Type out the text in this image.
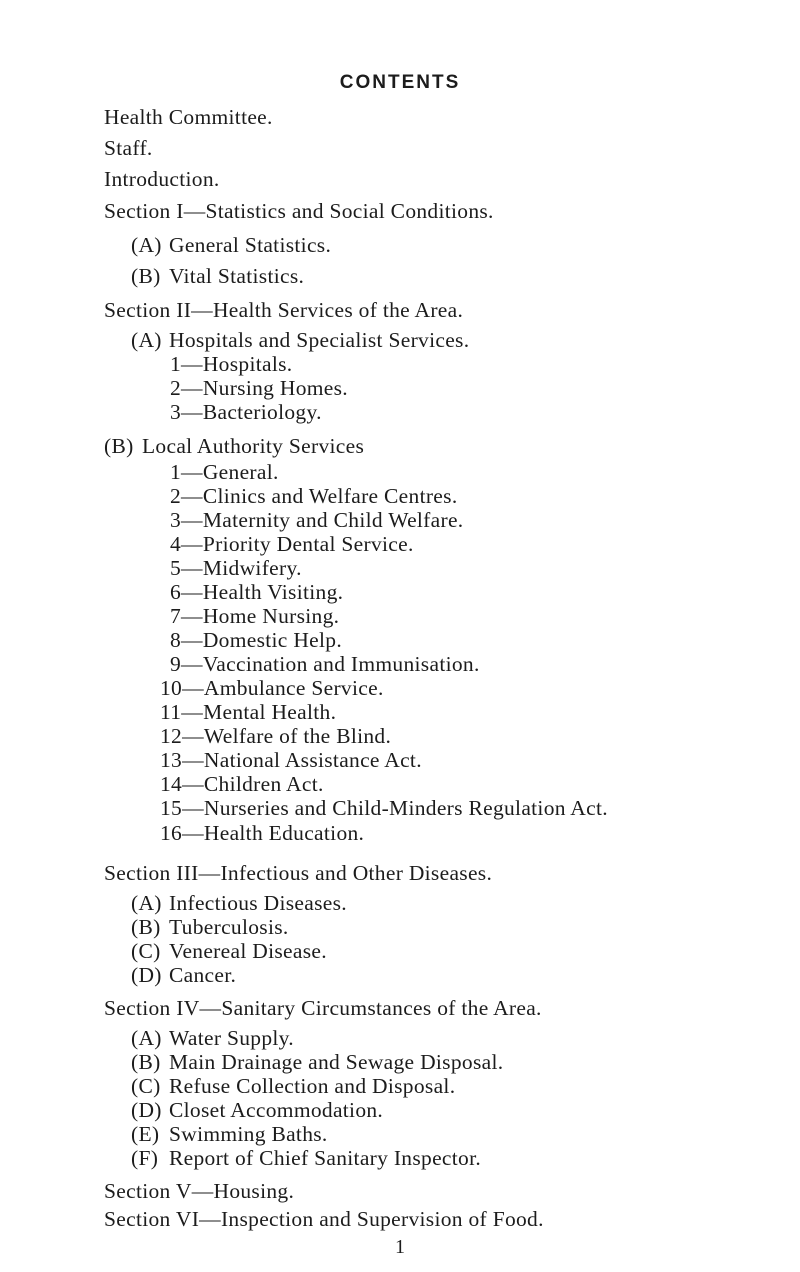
CONTENTS
Health Committee.
Staff.
Introduction.
Section I—Statistics and Social Conditions.
(A) General Statistics.
(B) Vital Statistics.
Section II—Health Services of the Area.
(A) Hospitals and Specialist Services.
1—Hospitals.
2—Nursing Homes.
3—Bacteriology.
(B) Local Authority Services
1—General.
2—Clinics and Welfare Centres.
3—Maternity and Child Welfare.
4—Priority Dental Service.
5—Midwifery.
6—Health Visiting.
7—Home Nursing.
8—Domestic Help.
9—Vaccination and Immunisation.
10—Ambulance Service.
11—Mental Health.
12—Welfare of the Blind.
13—National Assistance Act.
14—Children Act.
15—Nurseries and Child-Minders Regulation Act.
16—Health Education.
Section III—Infectious and Other Diseases.
(A) Infectious Diseases.
(B) Tuberculosis.
(C) Venereal Disease.
(D) Cancer.
Section IV—Sanitary Circumstances of the Area.
(A) Water Supply.
(B) Main Drainage and Sewage Disposal.
(C) Refuse Collection and Disposal.
(D) Closet Accommodation.
(E) Swimming Baths.
(F) Report of Chief Sanitary Inspector.
Section V—Housing.
Section VI—Inspection and Supervision of Food.
1
